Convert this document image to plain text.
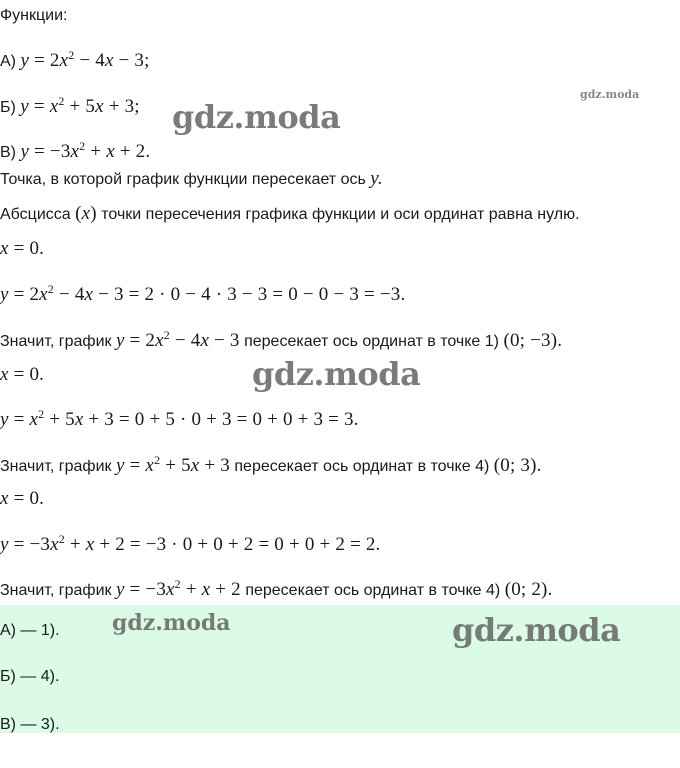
Функции:
А) $y = 2x^2 - 4x - 3$;
Б) $y = x^2 + 5x + 3$;
В) $y = -3x^2 + x + 2$.
Точка, в которой график функции пересекает ось y.
Абсцисса (x) точки пересечения графика функции и оси ординат равна нулю.
x = 0.
$y = 2x^2 - 4x - 3 = 2 \cdot 0 - 4 \cdot 3 - 3 = 0 - 0 - 3 = -3$.
Значит, график $y = 2x^2 - 4x - 3$ пересекает ось ординат в точке 1) (0; −3).
x = 0.
$y = x^2 + 5x + 3 = 0 + 5 \cdot 0 + 3 = 0 + 0 + 3 = 3$.
Значит, график $y = x^2 + 5x + 3$ пересекает ось ординат в точке 4) (0; 3).
x = 0.
$y = -3x^2 + x + 2 = -3 \cdot 0 + 0 + 2 = 0 + 0 + 2 = 2$.
Значит, график $y = -3x^2 + x + 2$ пересекает ось ординат в точке 4) (0; 2).
А) — 1).
Б) — 4).
В) — 3).
gdz.moda
gdz.moda
gdz.moda
gdz.moda	gdz.moda
